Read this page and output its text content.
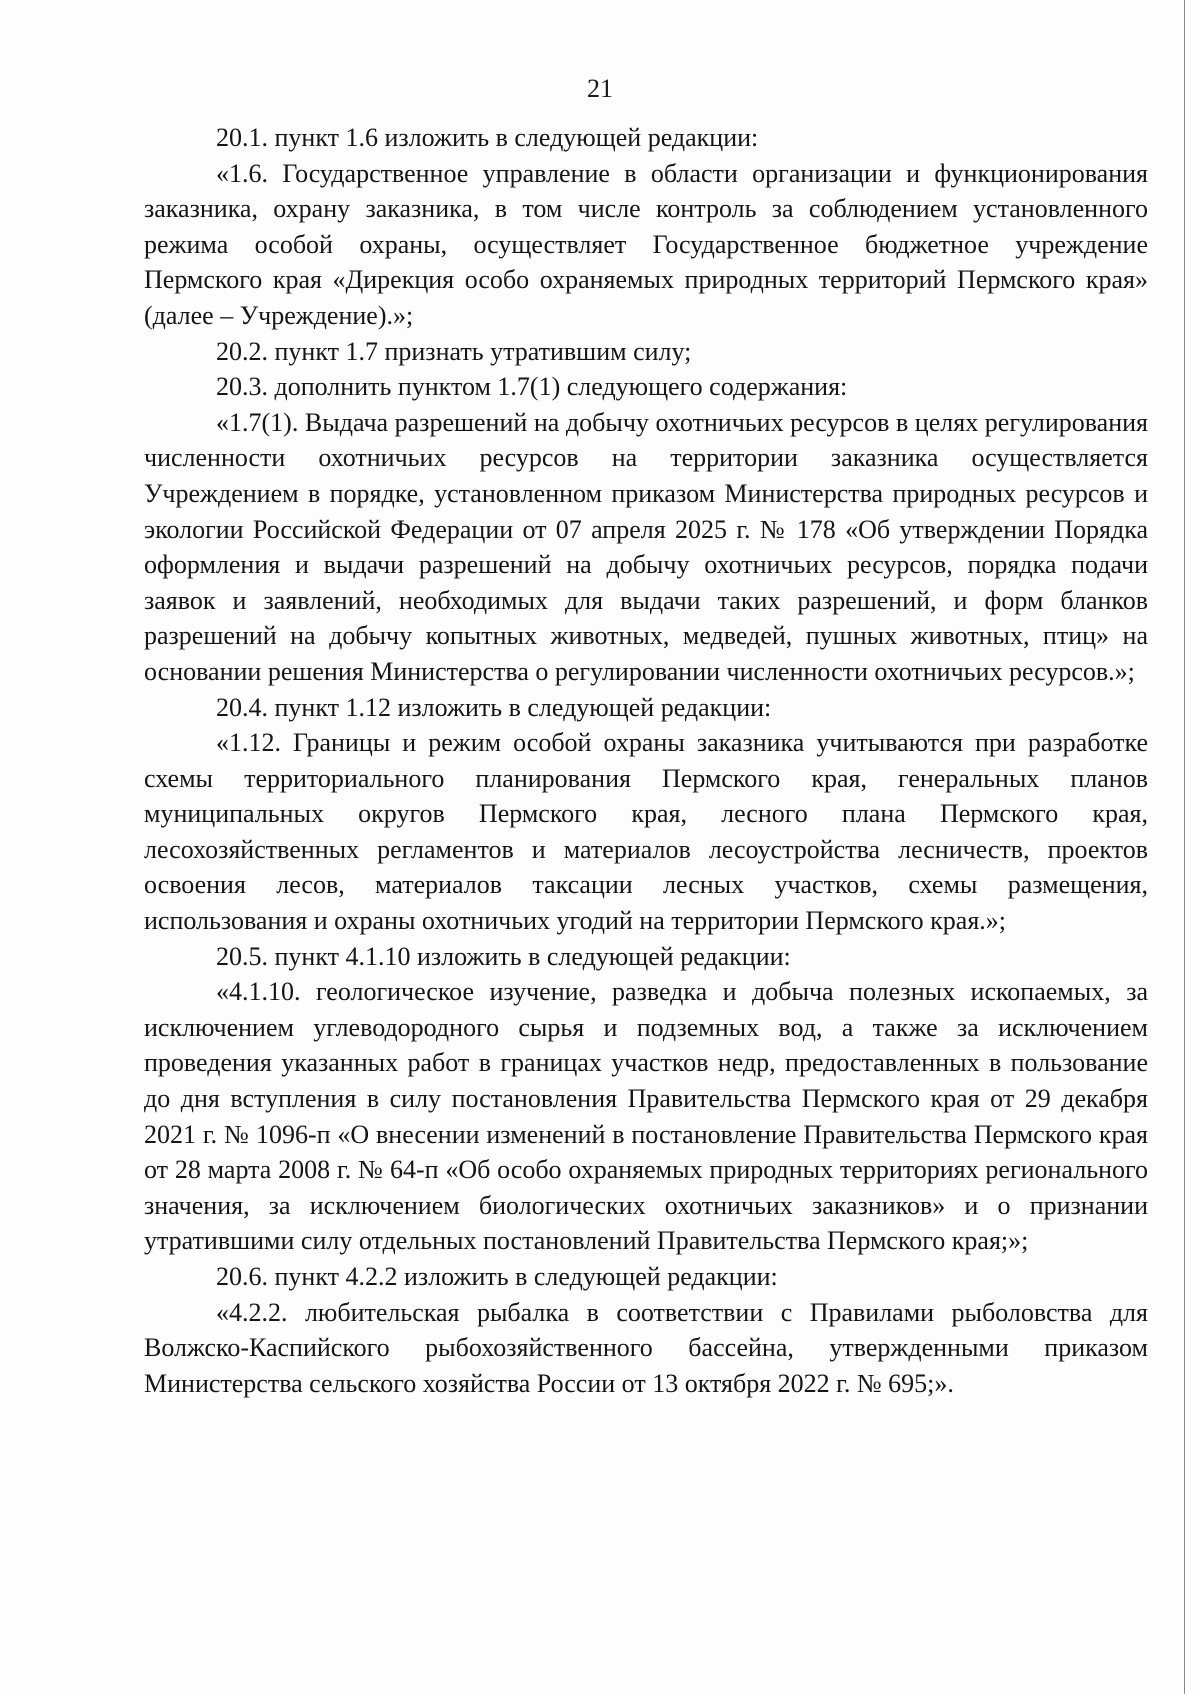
21

20.1. пункт 1.6 изложить в следующей редакции:

«1.6. Государственное управление в области организации и функционирования заказника, охрану заказника, в том числе контроль за соблюдением установленного режима особой охраны, осуществляет Государственное бюджетное учреждение Пермского края «Дирекция особо охраняемых природных территорий Пермского края» (далее – Учреждение).»;

20.2. пункт 1.7 признать утратившим силу;

20.3. дополнить пунктом 1.7(1) следующего содержания:

«1.7(1). Выдача разрешений на добычу охотничьих ресурсов в целях регулирования численности охотничьих ресурсов на территории заказника осуществляется Учреждением в порядке, установленном приказом Министерства природных ресурсов и экологии Российской Федерации от 07 апреля 2025 г. № 178 «Об утверждении Порядка оформления и выдачи разрешений на добычу охотничьих ресурсов, порядка подачи заявок и заявлений, необходимых для выдачи таких разрешений, и форм бланков разрешений на добычу копытных животных, медведей, пушных животных, птиц» на основании решения Министерства о регулировании численности охотничьих ресурсов.»;

20.4. пункт 1.12 изложить в следующей редакции:

«1.12. Границы и режим особой охраны заказника учитываются при разработке схемы территориального планирования Пермского края, генеральных планов муниципальных округов Пермского края, лесного плана Пермского края, лесохозяйственных регламентов и материалов лесоустройства лесничеств, проектов освоения лесов, материалов таксации лесных участков, схемы размещения, использования и охраны охотничьих угодий на территории Пермского края.»;

20.5. пункт 4.1.10 изложить в следующей редакции:

«4.1.10. геологическое изучение, разведка и добыча полезных ископаемых, за исключением углеводородного сырья и подземных вод, а также за исключением проведения указанных работ в границах участков недр, предоставленных в пользование до дня вступления в силу постановления Правительства Пермского края от 29 декабря 2021 г. № 1096-п «О внесении изменений в постановление Правительства Пермского края от 28 марта 2008 г. № 64-п «Об особо охраняемых природных территориях регионального значения, за исключением биологических охотничьих заказников» и о признании утратившими силу отдельных постановлений Правительства Пермского края;»;

20.6. пункт 4.2.2 изложить в следующей редакции:

«4.2.2. любительская рыбалка в соответствии с Правилами рыболовства для Волжско-Каспийского рыбохозяйственного бассейна, утвержденными приказом Министерства сельского хозяйства России от 13 октября 2022 г. № 695;».
